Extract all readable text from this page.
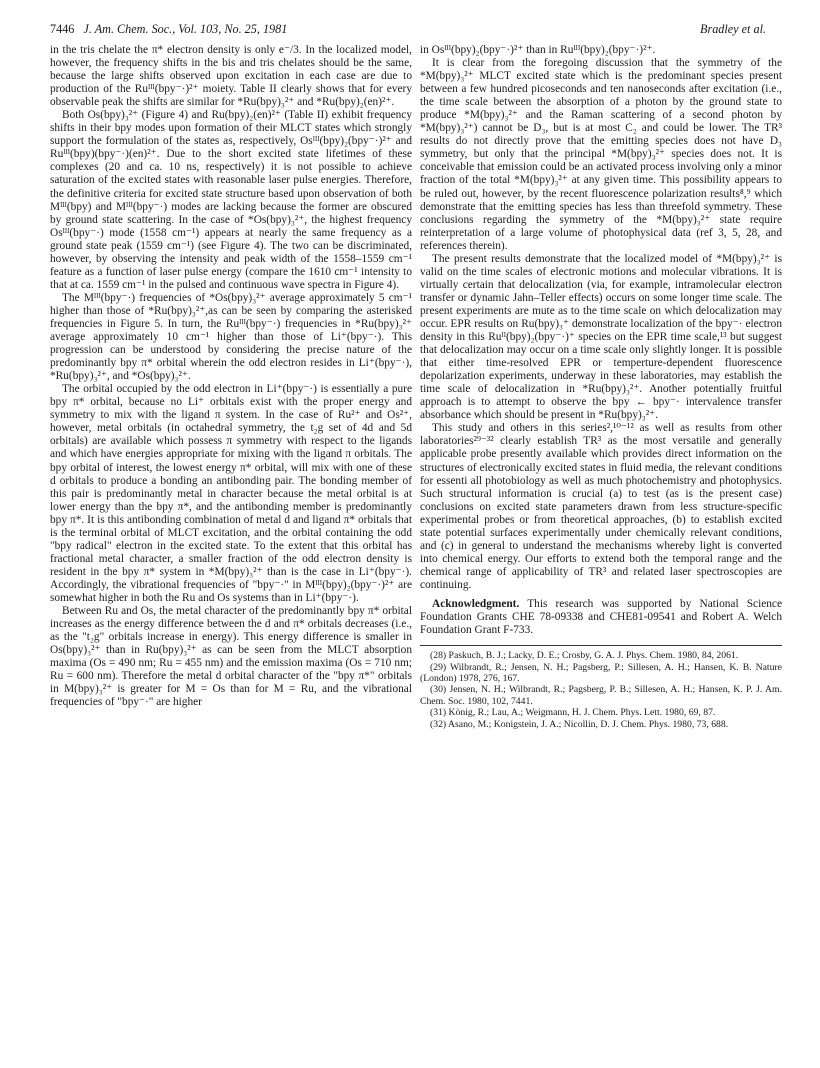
7446 J. Am. Chem. Soc., Vol. 103, No. 25, 1981	Bradley et al.

in the tris chelate the π* electron density is only e⁻/3. In the localized model, however, the frequency shifts in the bis and tris chelates should be the same, because the large shifts observed upon excitation in each case are due to production of the Ruᴵᴵᴵ(bpy⁻·)²⁺ moiety. Table II clearly shows that for every observable peak the shifts are similar for *Ru(bpy)₃²⁺ and *Ru(bpy)₂(en)²⁺.

Both Os(bpy)₃²⁺ (Figure 4) and Ru(bpy)₂(en)²⁺ (Table II) exhibit frequency shifts in their bpy modes upon formation of their MLCT states which strongly support the formulation of the states as, respectively, Osᴵᴵᴵ(bpy)₂(bpy⁻·)²⁺ and Ruᴵᴵᴵ(bpy)(bpy⁻·)(en)²⁺. Due to the short excited state lifetimes of these complexes (20 and ca. 10 ns, respectively) it is not possible to achieve saturation of the excited states with reasonable laser pulse energies. Therefore, the definitive criteria for excited state structure based upon observation of both Mᴵᴵᴵ(bpy) and Mᴵᴵᴵ(bpy⁻·) modes are lacking because the former are obscured by ground state scattering. In the case of *Os(bpy)₃²⁺, the highest frequency Osᴵᴵᴵ(bpy⁻·) mode (1558 cm⁻¹) appears at nearly the same frequency as a ground state peak (1559 cm⁻¹) (see Figure 4). The two can be discriminated, however, by observing the intensity and peak width of the 1558–1559 cm⁻¹ feature as a function of laser pulse energy (compare the 1610 cm⁻¹ intensity to that at ca. 1559 cm⁻¹ in the pulsed and continuous wave spectra in Figure 4).

The Mᴵᴵᴵ(bpy⁻·) frequencies of *Os(bpy)₃²⁺ average approximately 5 cm⁻¹ higher than those of *Ru(bpy)₃²⁺,as can be seen by comparing the asterisked frequencies in Figure 5. In turn, the Ruᴵᴵᴵ(bpy⁻·) frequencies in *Ru(bpy)₃²⁺ average approximately 10 cm⁻¹ higher than those of Li⁺(bpy⁻·). This progression can be understood by considering the precise nature of the predominantly bpy π* orbital wherein the odd electron resides in Li⁺(bpy⁻·), *Ru(bpy)₃²⁺, and *Os(bpy)₃²⁺.

The orbital occupied by the odd electron in Li⁺(bpy⁻·) is essentially a pure bpy π* orbital, because no Li⁺ orbitals exist with the proper energy and symmetry to mix with the ligand π system. In the case of Ru²⁺ and Os²⁺, however, metal orbitals (in octahedral symmetry, the t₂g set of 4d and 5d orbitals) are available which possess π symmetry with respect to the ligands and which have energies appropriate for mixing with the ligand π orbitals. The bpy orbital of interest, the lowest energy π* orbital, will mix with one of these d orbitals to produce a bonding an antibonding pair. The bonding member of this pair is predominantly metal in character because the metal orbital is at lower energy than the bpy π*, and the antibonding member is predominantly bpy π*. It is this antibonding combination of metal d and ligand π* orbitals that is the terminal orbital of MLCT excitation, and the orbital containing the odd "bpy radical" electron in the excited state. To the extent that this orbital has fractional metal character, a smaller fraction of the odd electron density is resident in the bpy π* system in *M(bpy)₃²⁺ than is the case in Li⁺(bpy⁻·). Accordingly, the vibrational frequencies of "bpy⁻·" in Mᴵᴵᴵ(bpy)₂(bpy⁻·)²⁺ are somewhat higher in both the Ru and Os systems than in Li⁺(bpy⁻·).

Between Ru and Os, the metal character of the predominantly bpy π* orbital increases as the energy difference between the d and π* orbitals decreases (i.e., as the "t₂g" orbitals increase in energy). This energy difference is smaller in Os(bpy)₃²⁺ than in Ru(bpy)₃²⁺ as can be seen from the MLCT absorption maxima (Os = 490 nm; Ru = 455 nm) and the emission maxima (Os = 710 nm; Ru = 600 nm). Therefore the metal d orbital character of the "bpy π*" orbitals in M(bpy)₃²⁺ is greater for M = Os than for M = Ru, and the vibrational frequencies of "bpy⁻·" are higher

in Osᴵᴵᴵ(bpy)₂(bpy⁻·)²⁺ than in Ruᴵᴵᴵ(bpy)₂(bpy⁻·)²⁺.

It is clear from the foregoing discussion that the symmetry of the *M(bpy)₃²⁺ MLCT excited state which is the predominant species present between a few hundred picoseconds and ten nanoseconds after excitation (i.e., the time scale between the absorption of a photon by the ground state to produce *M(bpy)₃²⁺ and the Raman scattering of a second photon by *M(bpy)₃²⁺) cannot be D₃, but is at most C₂ and could be lower. The TR³ results do not directly prove that the emitting species does not have D₃ symmetry, but only that the principal *M(bpy)₃²⁺ species does not. It is conceivable that emission could be an activated process involving only a minor fraction of the total *M(bpy)₃²⁺ at any given time. This possibility appears to be ruled out, however, by the recent fluorescence polarization results⁸,⁹ which demonstrate that the emitting species has less than threefold symmetry. These conclusions regarding the symmetry of the *M(bpy)₃²⁺ state require reinterpretation of a large volume of photophysical data (ref 3, 5, 28, and references therein).

The present results demonstrate that the localized model of *M(bpy)₃²⁺ is valid on the time scales of electronic motions and molecular vibrations. It is virtually certain that delocalization (via, for example, intramolecular electron transfer or dynamic Jahn–Teller effects) occurs on some longer time scale. The present experiments are mute as to the time scale on which delocalization may occur. EPR results on Ru(bpy)₃⁺ demonstrate localization of the bpy⁻· electron density in this Ruᴵᴵ(bpy)₂(bpy⁻·)⁺ species on the EPR time scale,¹³ but suggest that delocalization may occur on a time scale only slightly longer. It is possible that either time-resolved EPR or temperture-dependent fluorescence depolarization experiments, underway in these laboratories, may establish the time scale of delocalization in *Ru(bpy)₃²⁺. Another potentially fruitful approach is to attempt to observe the bpy ← bpy⁻· intervalence transfer absorbance which should be present in *Ru(bpy)₃²⁺.

This study and others in this series²,¹⁰⁻¹² as well as results from other laboratories²⁹⁻³² clearly establish TR³ as the most versatile and generally applicable probe presently available which provides direct information on the structures of electronically excited states in fluid media, the relevant conditions for essenti all photobiology as well as much photochemistry and photophysics. Such structural information is crucial (a) to test (as is the present case) conclusions on excited state parameters drawn from less structure-specific experimental probes or from theoretical approaches, (b) to establish excited state potential surfaces experimentally under chemically relevant conditions, and (c) in general to understand the mechanisms whereby light is converted into chemical energy. Our efforts to extend both the temporal range and the chemical range of applicability of TR³ and related laser spectroscopies are continuing.

Acknowledgment. This research was supported by National Science Foundation Grants CHE 78-09338 and CHE81-09541 and Robert A. Welch Foundation Grant F-733.

(28) Paskuch, B. J.; Lacky, D. E.; Crosby, G. A. J. Phys. Chem. 1980, 84, 2061.

(29) Wilbrandt, R.; Jensen, N. H.; Pagsberg, P.; Sillesen, A. H.; Hansen, K. B. Nature (London) 1978, 276, 167.

(30) Jensen, N. H.; Wilbrandt, R.; Pagsberg, P. B.; Sillesen, A. H.; Hansen, K. P. J. Am. Chem. Soc. 1980, 102, 7441.

(31) König, R.; Lau, A.; Weigmann, H. J. Chem. Phys. Lett. 1980, 69, 87.

(32) Asano, M.; Konigstein, J. A.; Nicollin, D. J. Chem. Phys. 1980, 73, 688.
